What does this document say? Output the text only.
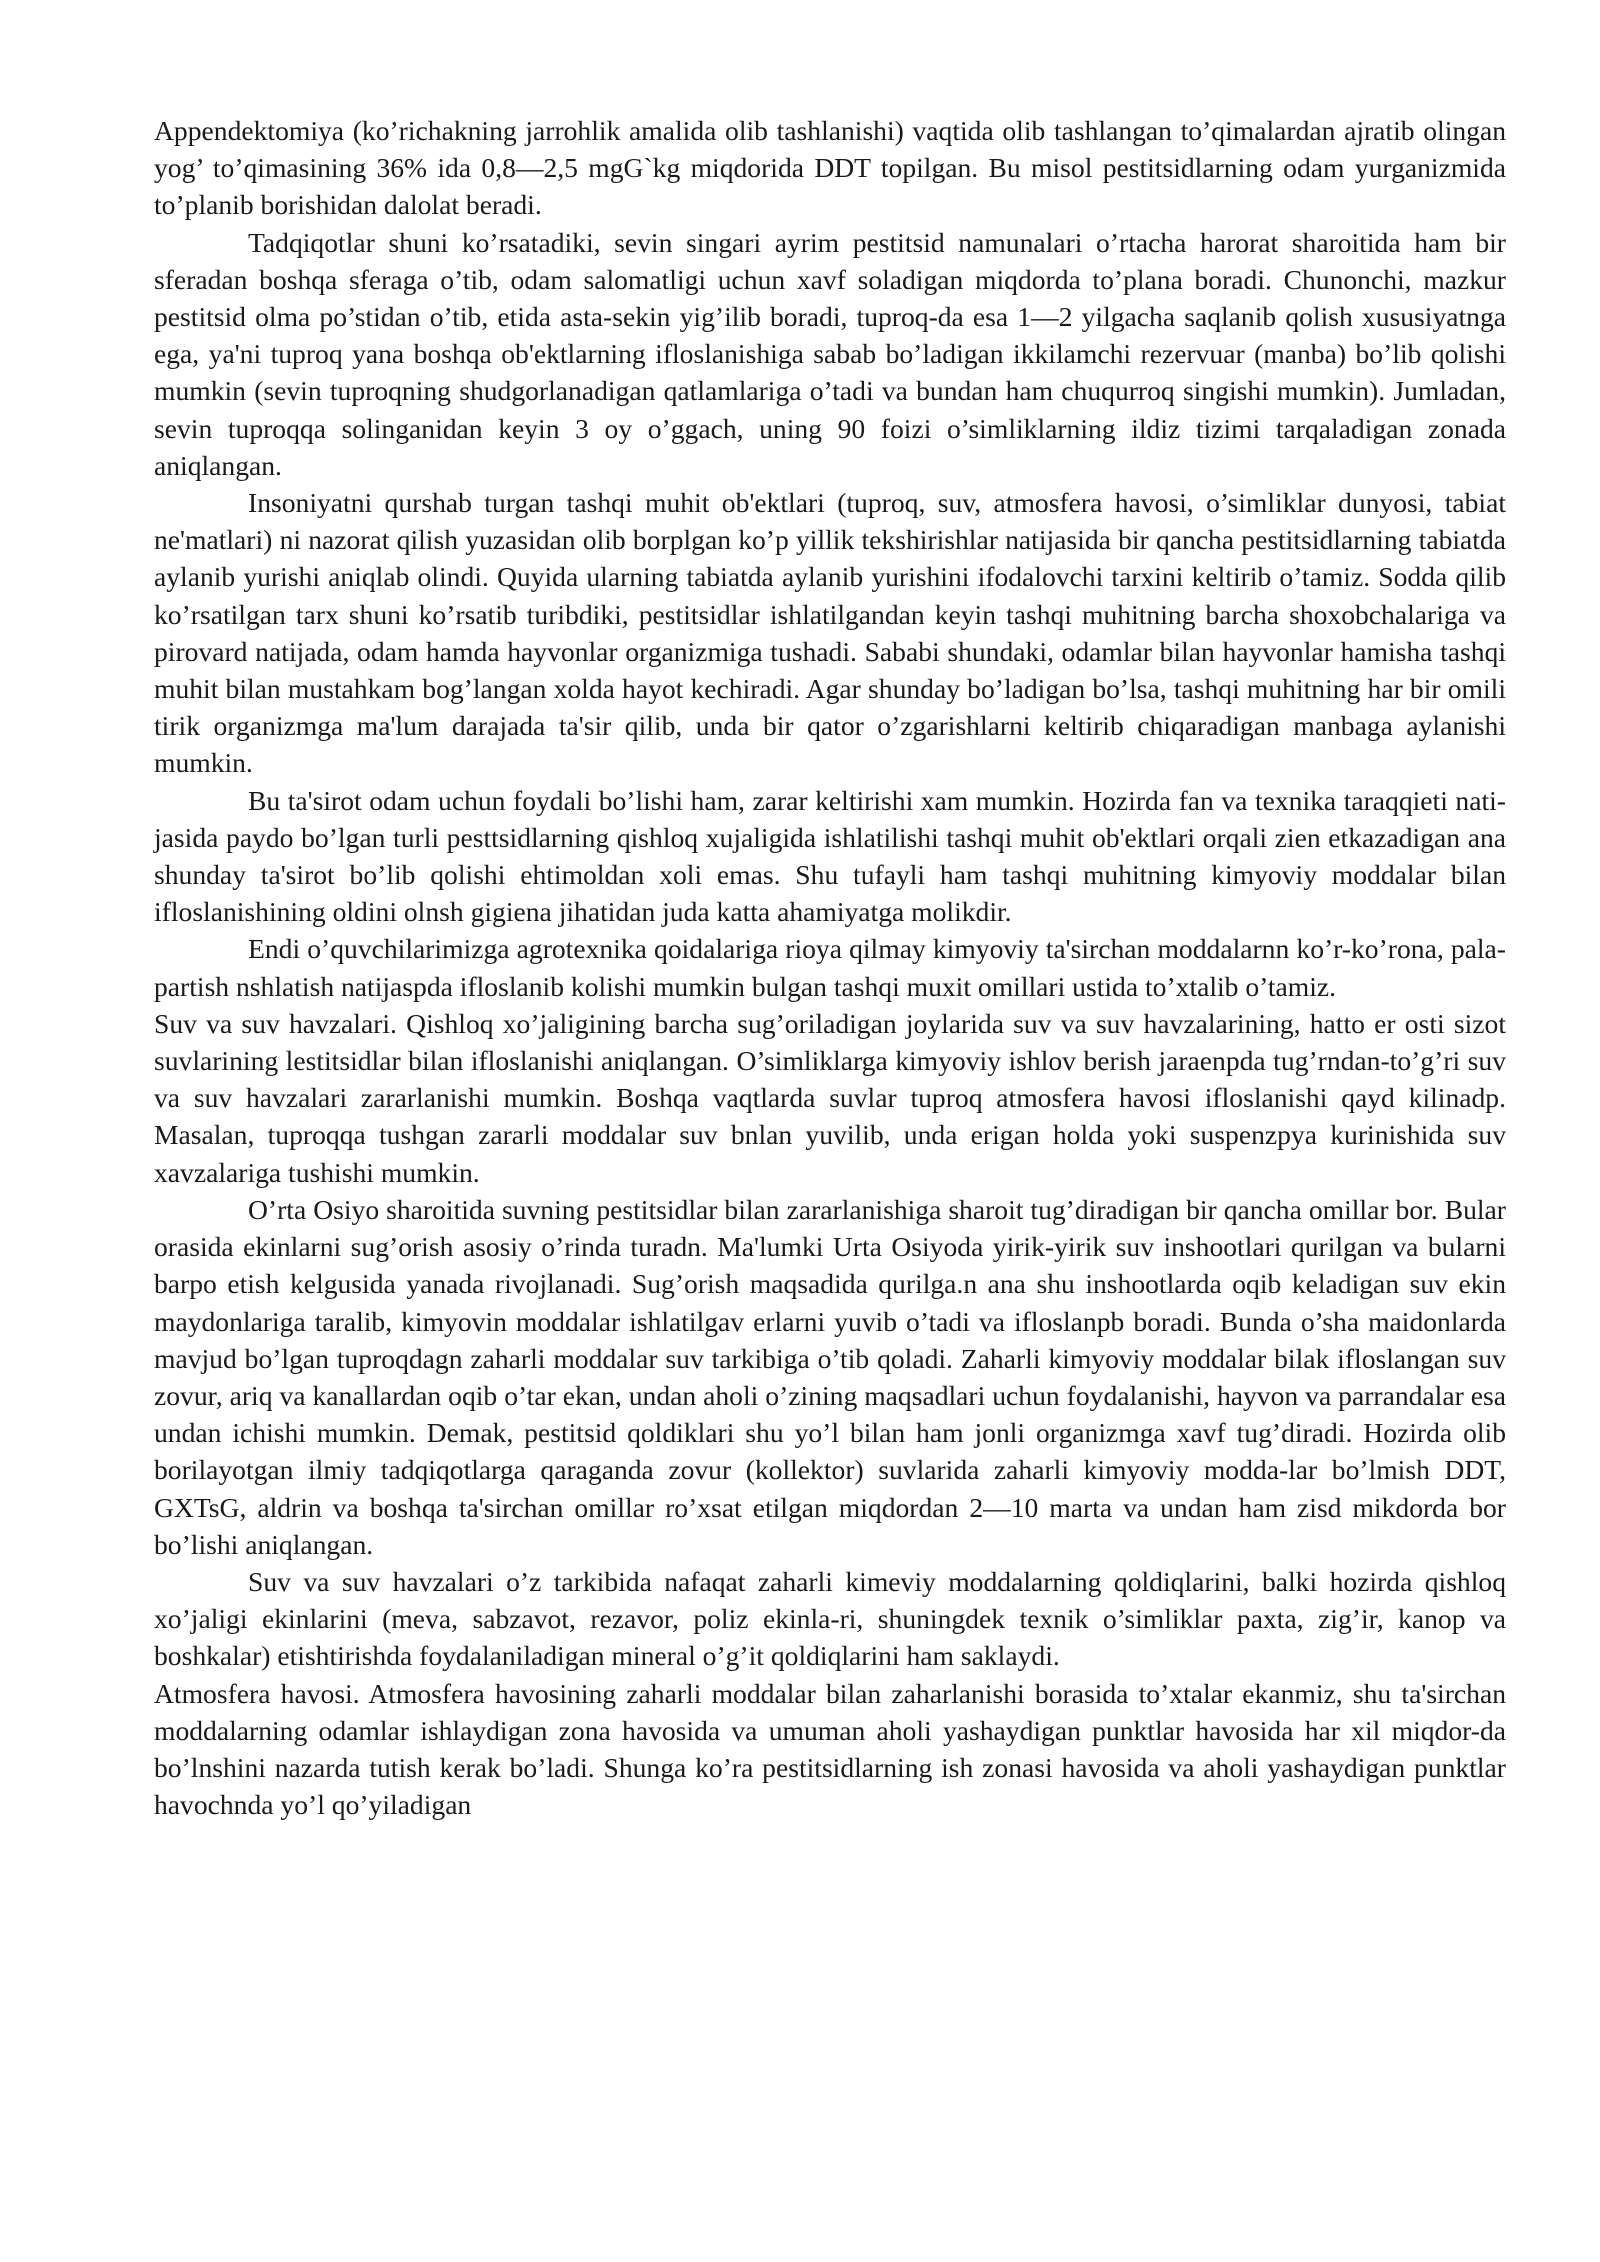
Appendektomiya (ko’richakning jarrohlik amalida olib tashlanishi) vaqtida olib tashlangan to’qimalardan ajratib olingan yog’ to’qimasining 36% ida 0,8—2,5 mgG`kg miqdorida DDT topilgan. Bu misol pestitsidlarning odam yurganizmida to’planib borishidan dalolat beradi.

Tadqiqotlar shuni ko’rsatadiki, sevin singari ayrim pestitsid namunalari o’rtacha harorat sharoitida ham bir sferadan boshqa sferaga o’tib, odam salomatligi uchun xavf soladigan miqdorda to’plana boradi. Chunonchi, mazkur pestitsid olma po’stidan o’tib, etida asta-sekin yig’ilib boradi, tuproq-da esa 1—2 yilgacha saqlanib qolish xususiyatnga ega, ya'ni tuproq yana boshqa ob'ektlarning ifloslanishiga sabab bo’ladigan ikkilamchi rezervuar (manba) bo’lib qolishi mumkin (sevin tuproqning shudgorlanadigan qatlamlariga o’tadi va bundan ham chuqurroq singishi mumkin). Jumladan, sevin tuproqqa solinganidan keyin 3 oy o’ggach, uning 90 foizi o’simliklarning ildiz tizimi tarqaladigan zonada aniqlangan.

Insoniyatni qurshab turgan tashqi muhit ob'ektlari (tuproq, suv, atmosfera havosi, o’simliklar dunyosi, tabiat ne'matlari) ni nazorat qilish yuzasidan olib borplgan ko’p yillik tekshirishlar natijasida bir qancha pestitsidlarning tabiatda aylanib yurishi aniqlab olindi. Quyida ularning tabiatda aylanib yurishini ifodalovchi tarxini keltirib o’tamiz. Sodda qilib ko’rsatilgan tarx shuni ko’rsatib turibdiki, pestitsidlar ishlatilgandan keyin tashqi muhitning barcha shoxobchalariga va pirovard natijada, odam hamda hayvonlar organizmiga tushadi. Sababi shundaki, odamlar bilan hayvonlar hamisha tashqi muhit bilan mustahkam bog’langan xolda hayot kechiradi. Agar shunday bo’ladigan bo’lsa, tashqi muhitning har bir omili tirik organizmga ma'lum darajada ta'sir qilib, unda bir qator o’zgarishlarni keltirib chiqaradigan manbaga aylanishi mumkin.

Bu ta'sirot odam uchun foydali bo’lishi ham, zarar keltirishi xam mumkin. Hozirda fan va texnika taraqqieti nati-jasida paydo bo’lgan turli pesttsidlarning qishloq xujaligida ishlatilishi tashqi muhit ob'ektlari orqali zien etkazadigan ana shunday ta'sirot bo’lib qolishi ehtimoldan xoli emas. Shu tufayli ham tashqi muhitning kimyoviy moddalar bilan ifloslanishining oldini olnsh gigiena jihatidan juda katta ahamiyatga molikdir.

Endi o’quvchilarimizga agrotexnika qoidalariga rioya qilmay kimyoviy ta'sirchan moddalarnn ko’r-ko’rona, pala-partish nshlatish natijaspda ifloslanib kolishi mumkin bulgan tashqi muxit omillari ustida to’xtalib o’tamiz.

Suv va suv havzalari. Qishloq xo’jaligining barcha sug’oriladigan joylarida suv va suv havzalarining, hatto er osti sizot suvlarining lestitsidlar bilan ifloslanishi aniqlangan. O’simliklarga kimyoviy ishlov berish jaraenpda tug’rndan-to’g’ri suv va suv havzalari zararlanishi mumkin. Boshqa vaqtlarda suvlar tuproq atmosfera havosi ifloslanishi qayd kilinadp. Masalan, tuproqqa tushgan zararli moddalar suv bnlan yuvilib, unda erigan holda yoki suspenzpya kurinishida suv xavzalariga tushishi mumkin.

O’rta Osiyo sharoitida suvning pestitsidlar bilan zararlanishiga sharoit tug’diradigan bir qancha omillar bor. Bular orasida ekinlarni sug’orish asosiy o’rinda turadn. Ma'lumki Urta Osiyoda yirik-yirik suv inshootlari qurilgan va bularni barpo etish kelgusida yanada rivojlanadi. Sug’orish maqsadida qurilga.n ana shu inshootlarda oqib keladigan suv ekin maydonlariga taralib, kimyovin moddalar ishlatilgav erlarni yuvib o’tadi va ifloslanpb boradi. Bunda o’sha maidonlarda mavjud bo’lgan tuproqdagn zaharli moddalar suv tarkibiga o’tib qoladi. Zaharli kimyoviy moddalar bilak ifloslangan suv zovur, ariq va kanallardan oqib o’tar ekan, undan aholi o’zining maqsadlari uchun foydalanishi, hayvon va parrandalar esa undan ichishi mumkin. Demak, pestitsid qoldiklari shu yo’l bilan ham jonli organizmga xavf tug’diradi. Hozirda olib borilayotgan ilmiy tadqiqotlarga qaraganda zovur (kollektor) suvlarida zaharli kimyoviy modda-lar bo’lmish DDT, GXTsG, aldrin va boshqa ta'sirchan omillar ro’xsat etilgan miqdordan 2—10 marta va undan ham zisd mikdorda bor bo’lishi aniqlangan.

Suv va suv havzalari o’z tarkibida nafaqat zaharli kimeviy moddalarning qoldiqlarini, balki hozirda qishloq xo’jaligi ekinlarini (meva, sabzavot, rezavor, poliz ekinla-ri, shuningdek texnik o’simliklar paxta, zig’ir, kanop va boshkalar) etishtirishda foydalaniladigan mineral o’g’it qoldiqlarini ham saklaydi.

Atmosfera havosi. Atmosfera havosining zaharli moddalar bilan zaharlanishi borasida to’xtalar ekanmiz, shu ta'sirchan moddalarning odamlar ishlaydigan zona havosida va umuman aholi yashaydigan punktlar havosida har xil miqdor-da bo’lnshini nazarda tutish kerak bo’ladi. Shunga ko’ra pestitsidlarning ish zonasi havosida va aholi yashaydigan punktlar havochnda yo’l qo’yiladigan
